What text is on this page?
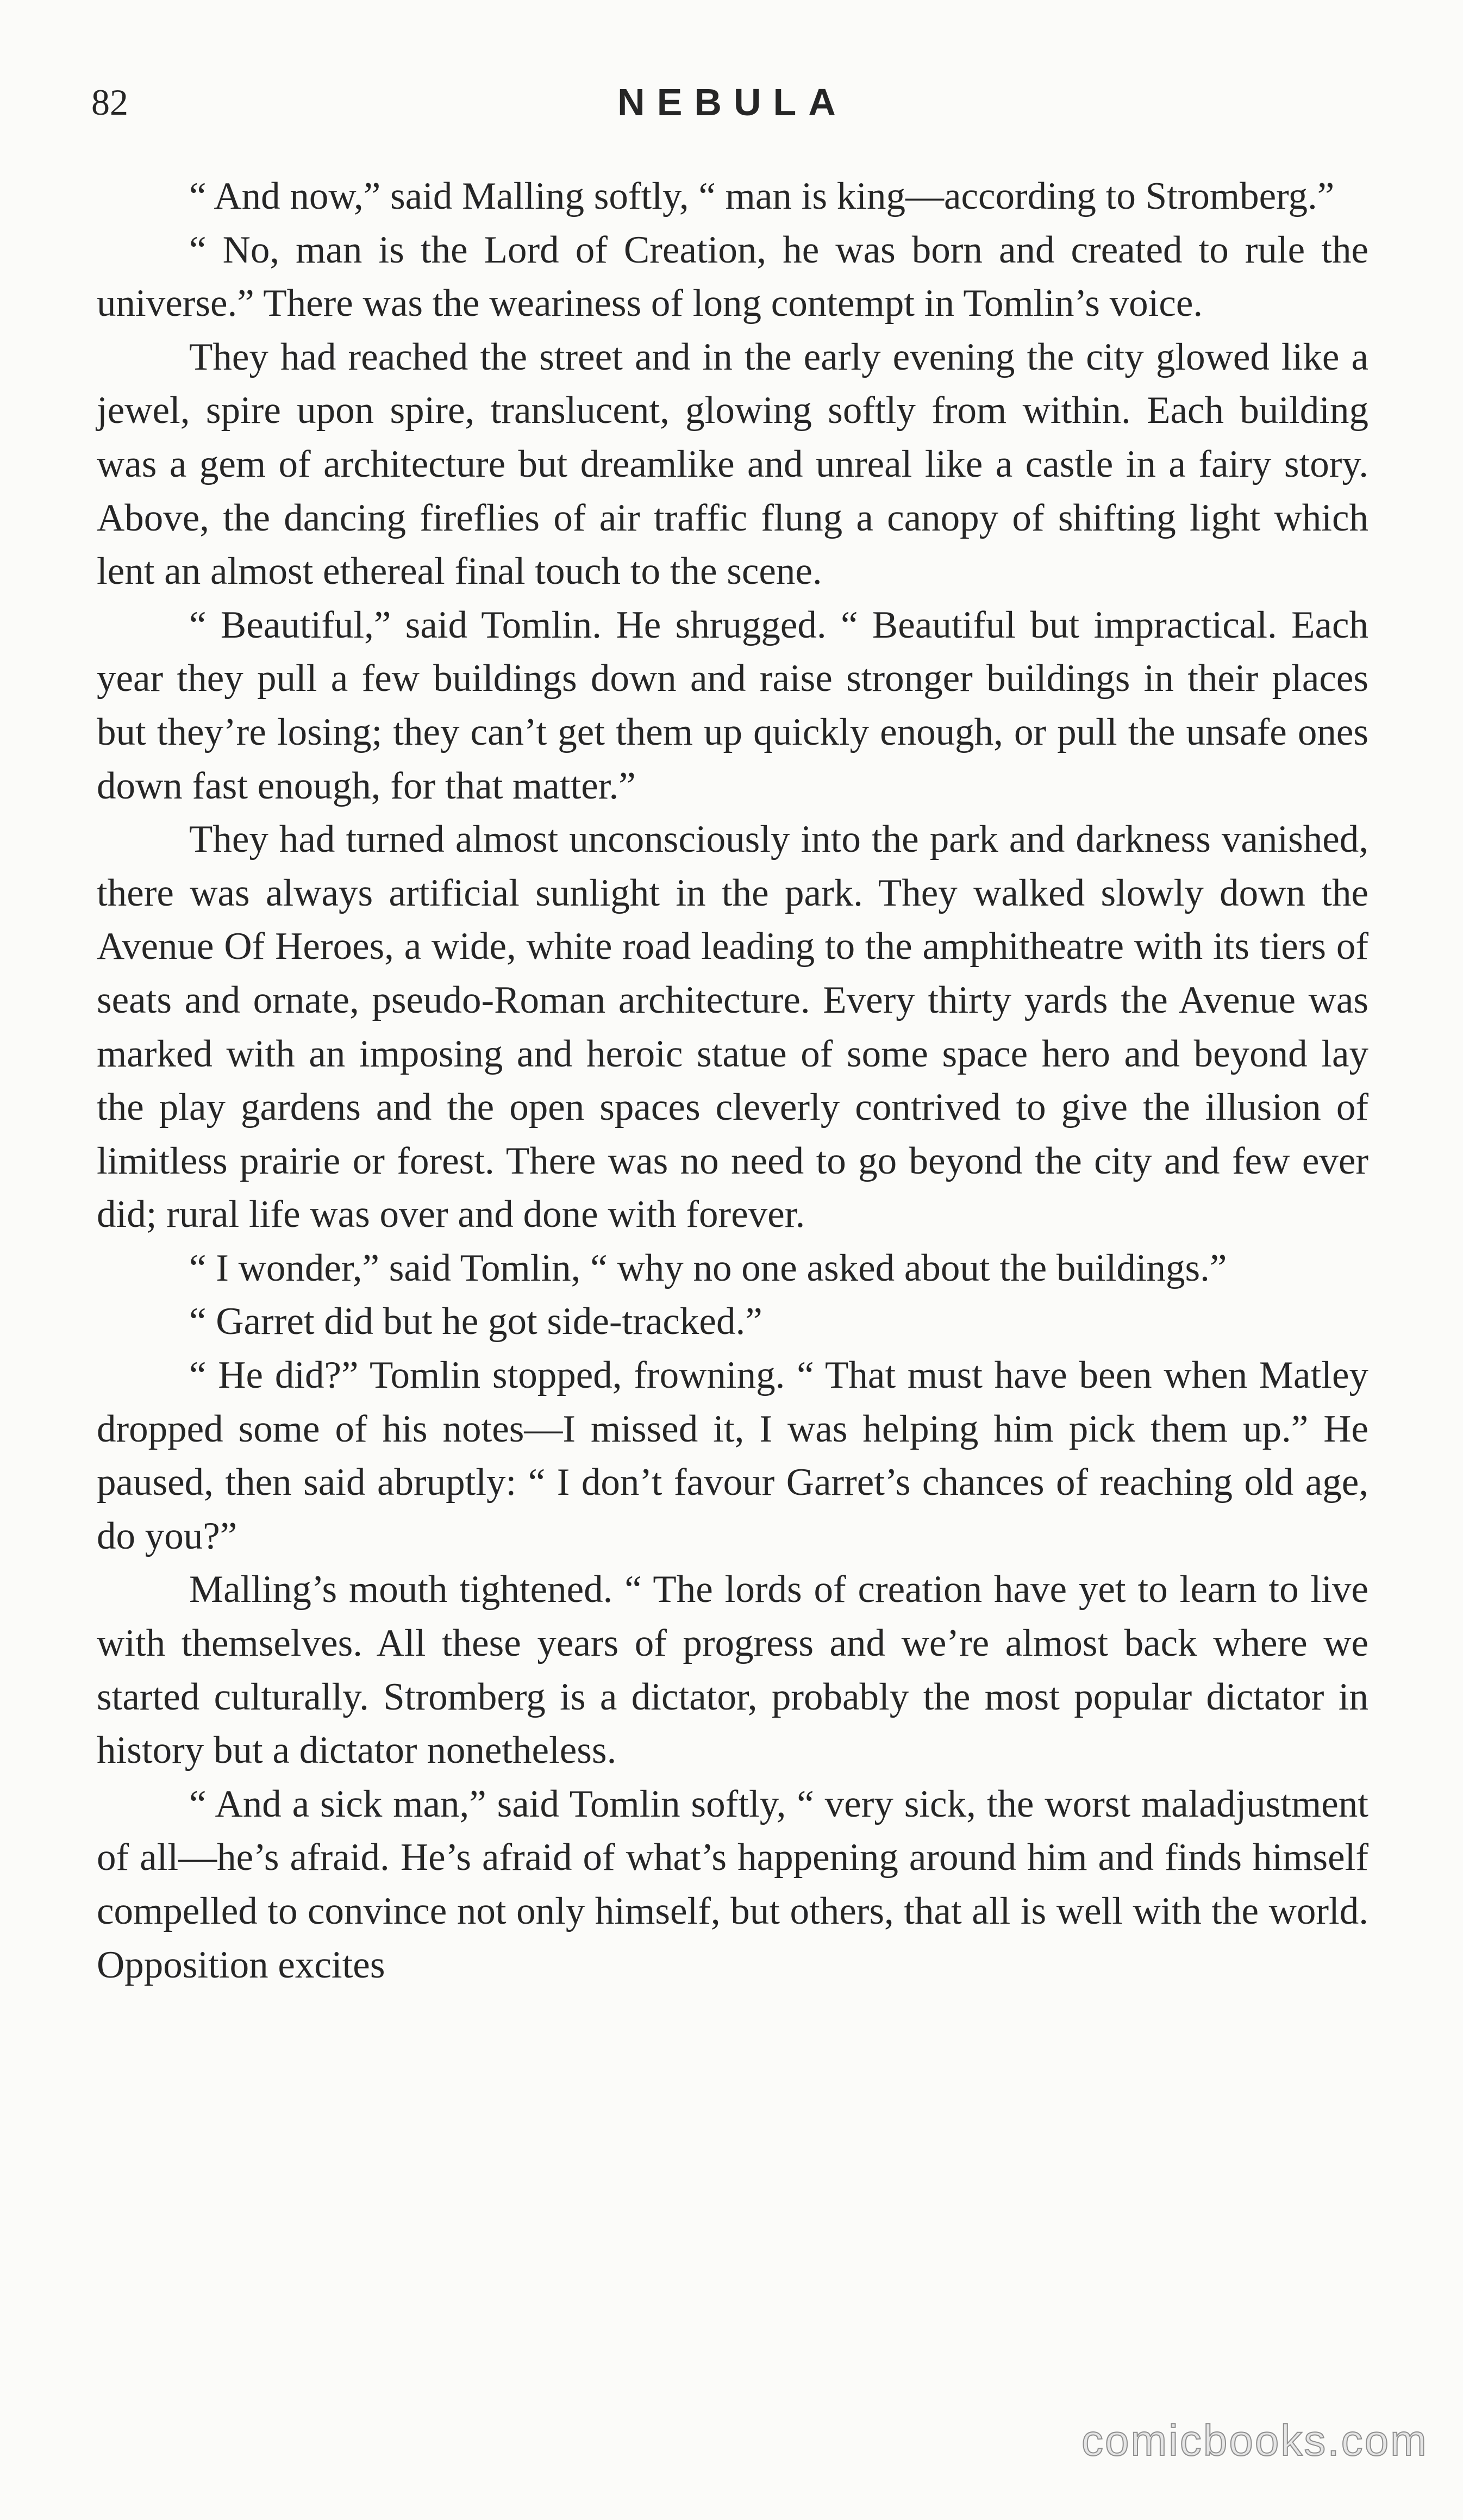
82	NEBULA

“ And now,” said Malling softly, “ man is king—according to Stromberg.”

“ No, man is the Lord of Creation, he was born and created to rule the universe.” There was the weariness of long contempt in Tomlin’s voice.

They had reached the street and in the early evening the city glowed like a jewel, spire upon spire, translucent, glowing softly from within. Each building was a gem of architecture but dreamlike and unreal like a castle in a fairy story. Above, the dancing fireflies of air traffic flung a canopy of shifting light which lent an almost ethereal final touch to the scene.

“ Beautiful,” said Tomlin. He shrugged. “ Beautiful but impractical. Each year they pull a few buildings down and raise stronger buildings in their places but they’re losing; they can’t get them up quickly enough, or pull the unsafe ones down fast enough, for that matter.”

They had turned almost unconsciously into the park and darkness vanished, there was always artificial sunlight in the park. They walked slowly down the Avenue Of Heroes, a wide, white road leading to the amphitheatre with its tiers of seats and ornate, pseudo-Roman architecture. Every thirty yards the Avenue was marked with an imposing and heroic statue of some space hero and beyond lay the play gardens and the open spaces cleverly contrived to give the illusion of limitless prairie or forest. There was no need to go beyond the city and few ever did; rural life was over and done with forever.

“ I wonder,” said Tomlin, “ why no one asked about the buildings.”

“ Garret did but he got side-tracked.”

“ He did?” Tomlin stopped, frowning. “ That must have been when Matley dropped some of his notes—I missed it, I was helping him pick them up.” He paused, then said abruptly: “ I don’t favour Garret’s chances of reaching old age, do you?”

Malling’s mouth tightened. “ The lords of creation have yet to learn to live with themselves. All these years of progress and we’re almost back where we started culturally. Stromberg is a dictator, probably the most popular dictator in history but a dictator nonetheless.

“ And a sick man,” said Tomlin softly, “ very sick, the worst maladjustment of all—he’s afraid. He’s afraid of what’s happening around him and finds himself compelled to convince not only himself, but others, that all is well with the world. Opposition excites

comicbooks.com
